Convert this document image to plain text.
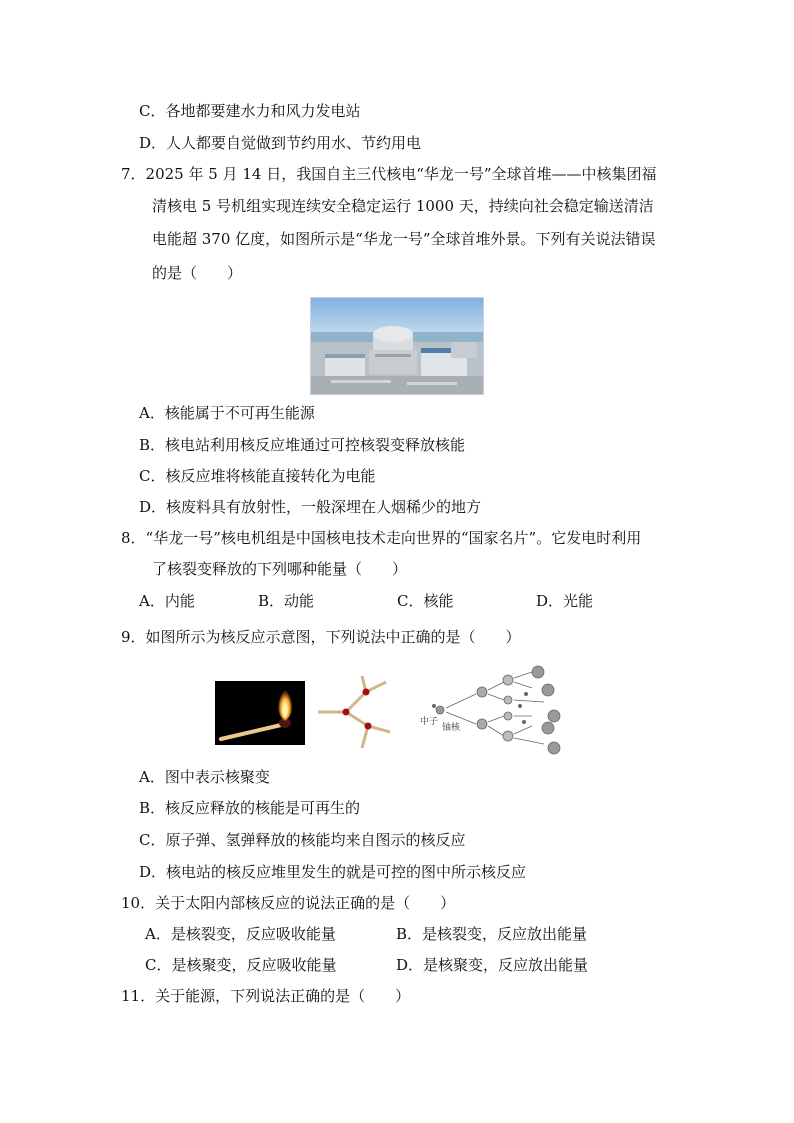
C．各地都要建水力和风力发电站
D．人人都要自觉做到节约用水、节约用电
7．2025 年 5 月 14 日，我国自主三代核电“华龙一号”全球首堆——中核集团福
清核电 5 号机组实现连续安全稳定运行 1000 天，持续向社会稳定输送清洁
电能超 370 亿度，如图所示是“华龙一号”全球首堆外景。下列有关说法错误
的是（　　）
A．核能属于不可再生能源
B．核电站利用核反应堆通过可控核裂变释放核能
C．核反应堆将核能直接转化为电能
D．核废料具有放射性，一般深埋在人烟稀少的地方
8．“华龙一号”核电机组是中国核电技术走向世界的“国家名片”。它发电时利用
了核裂变释放的下列哪种能量（　　）
A．内能	B．动能	C．核能	D．光能
9．如图所示为核反应示意图，下列说法中正确的是（　　）
中子
铀核
A．图中表示核聚变
B．核反应释放的核能是可再生的
C．原子弹、氢弹释放的核能均来自图示的核反应
D．核电站的核反应堆里发生的就是可控的图中所示核反应
10．关于太阳内部核反应的说法正确的是（　　）
A．是核裂变，反应吸收能量	B．是核裂变，反应放出能量
C．是核聚变，反应吸收能量	D．是核聚变，反应放出能量
11．关于能源，下列说法正确的是（　　）
